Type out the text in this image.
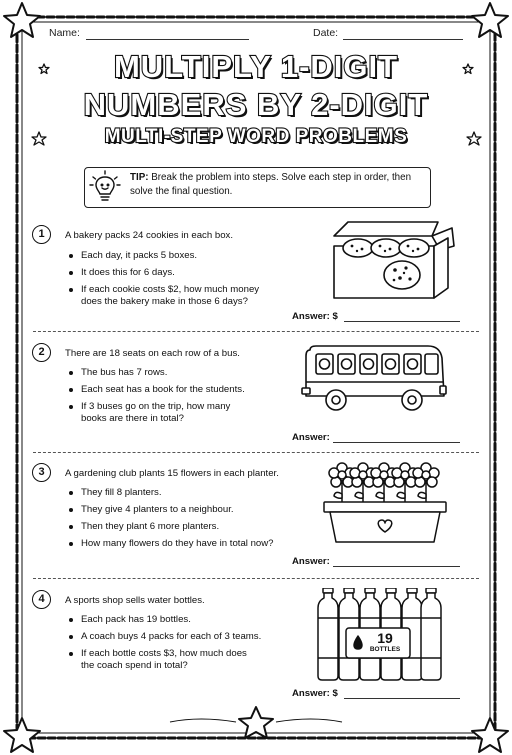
Name:	Date:
MULTIPLY 1-DIGIT
NUMBERS BY 2-DIGIT
MULTI-STEP WORD PROBLEMS
TIP: Break the problem into steps. Solve each step in order, then solve the final question.
1	A bakery packs 24 cookies in each box.
Each day, it packs 5 boxes.
It does this for 6 days.
If each cookie costs $2, how much money
does the bakery make in those 6 days?
Answer: $
2	There are 18 seats on each row of a bus.
The bus has 7 rows.
Each seat has a book for the students.
If 3 buses go on the trip, how many
books are there in total?
Answer:
3	A gardening club plants 15 flowers in each planter.
They fill 8 planters.
They give 4 planters to a neighbour.
Then they plant 6 more planters.
How many flowers do they have in total now?
Answer:
4	A sports shop sells water bottles.
Each pack has 19 bottles.
A coach buys 4 packs for each of 3 teams.
If each bottle costs $3, how much does
the coach spend in total?
Answer: $
19
BOTTLES
